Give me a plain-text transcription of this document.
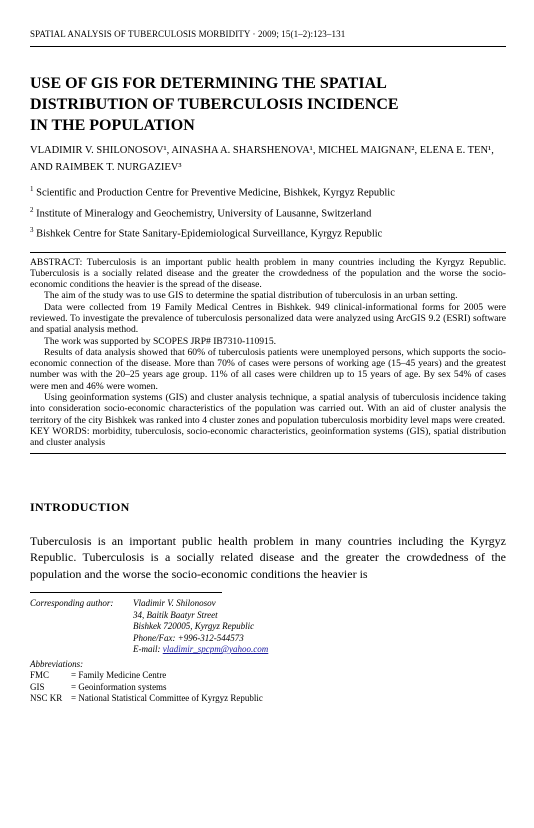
SPATIAL ANALYSIS OF TUBERCULOSIS MORBIDITY · 2009; 15(1–2):123–131
USE OF GIS FOR DETERMINING THE SPATIAL
DISTRIBUTION OF TUBERCULOSIS INCIDENCE
IN THE POPULATION
VLADIMIR V. SHILONOSOV¹, AINASHA A. SHARSHENOVA¹, MICHEL MAIGNAN², ELENA E. TEN¹,
AND RAIMBEK T. NURGAZIEV³
$^1$ Scientific and Production Centre for Preventive Medicine, Bishkek, Kyrgyz Republic
$^2$ Institute of Mineralogy and Geochemistry, University of Lausanne, Switzerland
$^3$ Bishkek Centre for State Sanitary-Epidemiological Surveillance, Kyrgyz Republic

ABSTRACT: Tuberculosis is an important public health problem in many countries including the Kyrgyz Republic. Tuberculosis is a socially related disease and the greater the crowdedness of the population and the worse the socio-economic conditions the heavier is the spread of the disease.

The aim of the study was to use GIS to determine the spatial distribution of tuberculosis in an urban setting.

Data were collected from 19 Family Medical Centres in Bishkek. 949 clinical-informational forms for 2005 were reviewed. To investigate the prevalence of tuberculosis personalized data were analyzed using ArcGIS 9.2 (ESRI) software and spatial analysis method.

The work was supported by SCOPES JRP# IB7310-110915.

Results of data analysis showed that 60% of tuberculosis patients were unemployed persons, which supports the socio-economic connection of the disease. More than 70% of cases were persons of working age (15–45 years) and the greatest number was with the 20–25 years age group. 11% of all cases were children up to 15 years of age. By sex 54% of cases were men and 46% were women.

Using geoinformation systems (GIS) and cluster analysis technique, a spatial analysis of tuberculosis incidence taking into consideration socio-economic characteristics of the population was carried out. With an aid of cluster analysis the territory of the city Bishkek was ranked into 4 cluster zones and population tuberculosis morbidity level maps were created.

KEY WORDS: morbidity, tuberculosis, socio-economic characteristics, geoinformation systems (GIS), spatial distribution and cluster analysis

INTRODUCTION
Tuberculosis is an important public health problem in many countries including the Kyrgyz Republic. Tuberculosis is a socially related disease and the greater the crowdedness of the population and the worse the socio-economic conditions the heavier is
Corresponding author:	Vladimir V. Shilonosov
34, Baitik Baatyr Street
Bishkek 720005, Kyrgyz Republic
Phone/Fax: +996-312-544573
E-mail: vladimir_spcpm@yahoo.com
Abbreviations:
FMC	= Family Medicine Centre
GIS	= Geoinformation systems
NSC KR = National Statistical Committee of Kyrgyz Republic
